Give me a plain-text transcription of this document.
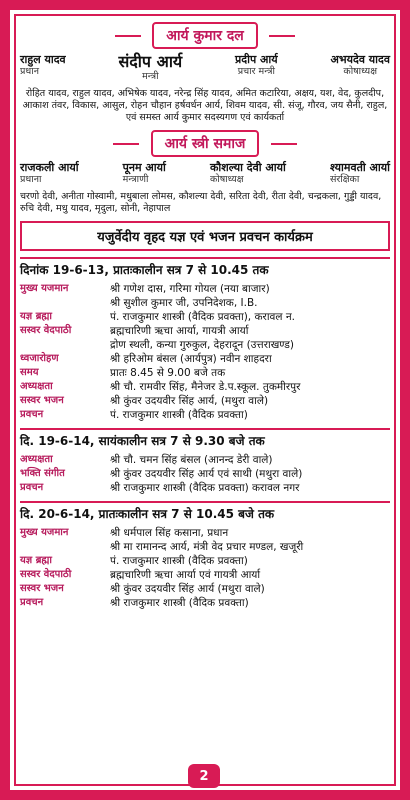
आर्य कुमार दल
राहुल यादव
प्रधान
संदीप आर्य
मन्त्री
प्रदीप आर्य
प्रचार मन्त्री
अभयदेव यादव
कोषाध्यक्ष
रोहित यादव, राहुल यादव, अभिषेक यादव, नरेन्द्र सिंह यादव, अमित कटारिया, अक्षय, यश, वेद, कुलदीप, आकाश तंवर, विकास, आसुल, रोहन चौहान हर्षवर्धन आर्य, शिवम यादव, सी. संजू, गौरव, जय सैनी, राहुल, एवं समस्त आर्य कुमार सदस्यगण एवं कार्यकर्ता
आर्य स्त्री समाज
राजकली आर्या
प्रधाना
पूनम आर्या
मन्त्राणी
कौशल्या देवी आर्या
कोषाध्यक्ष
श्यामवती आर्या
संरक्षिका
चरणो देवी, अनीता गोस्वामी, मधुबाला लोमस, कौशल्या देवी, सरिता देवी, रीता देवी, चन्द्रकला, गुड्डी यादव, रुचि देवी, मधु यादव, मृदुला, सोनी, नेहापाल
यजुर्वेदीय वृहद यज्ञ एवं भजन प्रवचन कार्यक्रम
दिनांक 19-6-13, प्रातःकालीन सत्र 7 से 10.45 तक
मुख्य यजमान	श्री गणेश दास, गरिमा गोयल (नया बाजार)
श्री सुशील कुमार जी, उपनिदेशक, I.B.
यज्ञ ब्रह्मा	पं. राजकुमार शास्त्री (वैदिक प्रवक्ता), करावल न.
सस्वर वेदपाठी	ब्रह्मचारिणी ऋचा आर्या, गायत्री आर्या
द्रोण स्थली, कन्या गुरुकुल, देहरादून (उत्तराखण्ड)
ध्वजारोहण	श्री हरिओम बंसल (आर्यपुत्र) नवीन शाहदरा
समय	प्रातः 8.45 से 9.00 बजे तक
अध्यक्षता	श्री चौ. रामवीर सिंह, मैनेजर डे.प.स्कूल. तुकमीरपुर
सस्वर भजन	श्री कुंवर उदयवीर सिंह आर्य, (मथुरा वाले)
प्रवचन	पं. राजकुमार शास्त्री (वैदिक प्रवक्ता)
दि. 19-6-14, सायंकालीन सत्र 7 से 9.30 बजे तक
अध्यक्षता	श्री चौ. चमन सिंह बंसल (आनन्द डेरी वाले)
भक्ति संगीत	श्री कुंवर उदयवीर सिंह आर्य एवं साथी (मथुरा वाले)
प्रवचन	श्री राजकुमार शास्त्री (वैदिक प्रवक्ता) करावल नगर
दि. 20-6-14, प्रातःकालीन सत्र 7 से 10.45 बजे तक
मुख्य यजमान	श्री धर्मपाल सिंह कसाना, प्रधान
श्री मा रामानन्द आर्य, मंत्री वेद प्रचार मण्डल, खजूरी
यज्ञ ब्रह्मा	पं. राजकुमार शास्त्री (वैदिक प्रवक्ता)
सस्वर वेदपाठी	ब्रह्मचारिणी ऋचा आर्या एवं गायत्री आर्या
सस्वर भजन	श्री कुंवर उदयवीर सिंह आर्य (मथुरा वाले)
प्रवचन	श्री राजकुमार शास्त्री (वैदिक प्रवक्ता)
2
